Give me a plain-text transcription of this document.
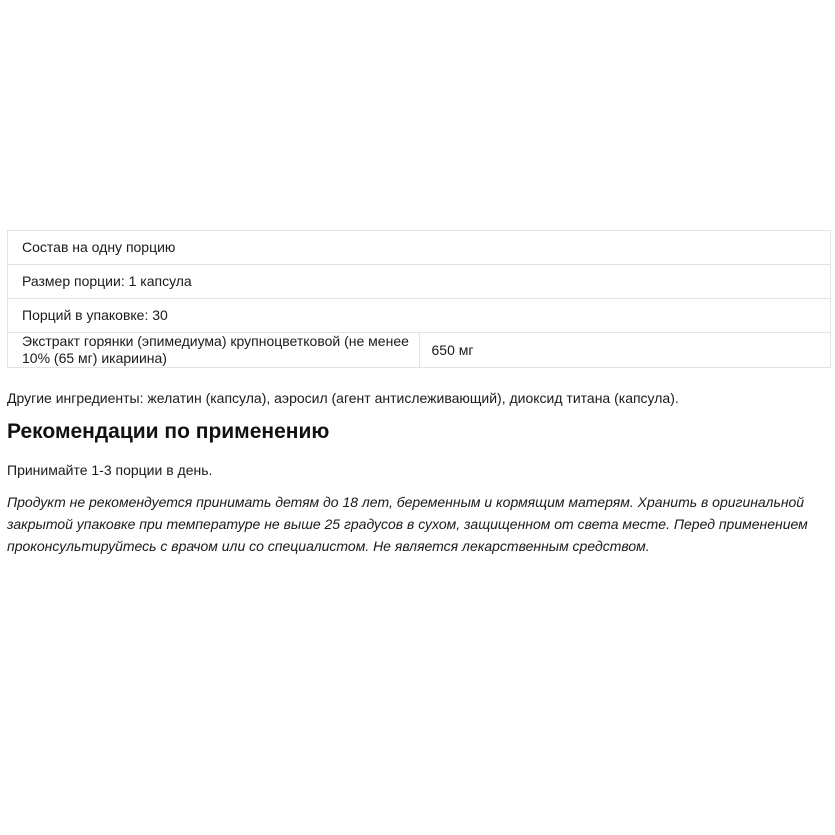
Состав на одну порцию
Размер порции: 1 капсула
Порций в упаковке: 30
Экстракт горянки (эпимедиума) крупноцветковой (не менее 10% (65 мг) икариина)	650 мг

Другие ингредиенты: желатин (капсула), аэросил (агент антислеживающий), диоксид титана (капсула).

Рекомендации по применению

Принимайте 1-3 порции в день.

Продукт не рекомендуется принимать детям до 18 лет, беременным и кормящим матерям. Хранить в оригинальной закрытой упаковке при температуре не выше 25 градусов в сухом, защищенном от света месте. Перед применением проконсультируйтесь с врачом или со специалистом. Не является лекарственным средством.
